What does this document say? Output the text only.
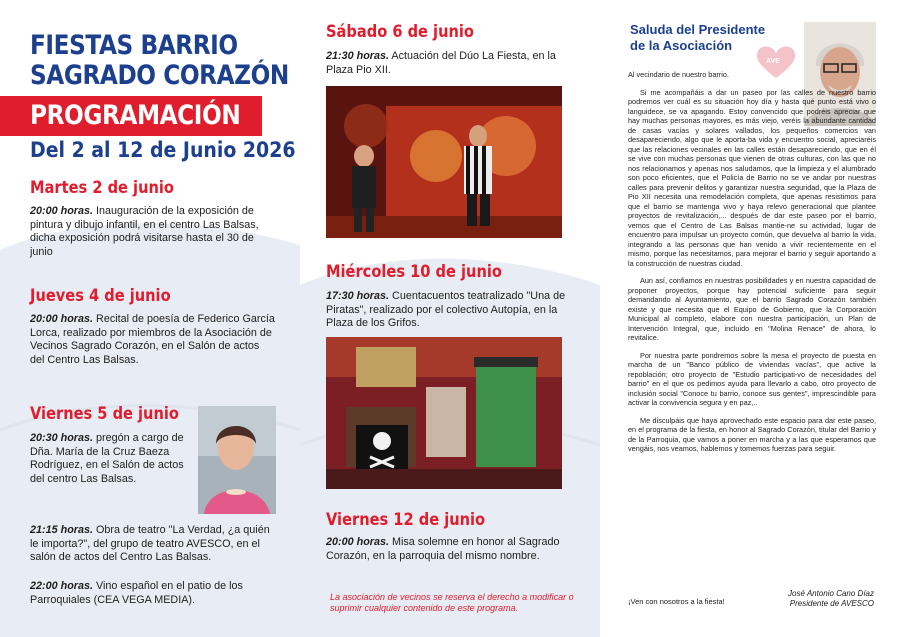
FIESTAS BARRIO
SAGRADO CORAZÓN
PROGRAMACIÓN
Del 2 al 12 de Junio 2026
Martes 2 de junio
20:00 horas. Inauguración de la exposición de pintura y dibujo infantil, en el centro Las Balsas, dicha exposición podrá visitarse hasta el 30 de junio
Jueves 4 de junio
20:00 horas. Recital de poesía de Federico García Lorca, realizado por miembros de la Asociación de Vecinos Sagrado Corazón, en el Salón de actos del Centro Las Balsas.
Viernes 5 de junio
20:30 horas. pregón a cargo de Dña. María de la Cruz Baeza Rodríguez, en el Salón de actos del centro Las Balsas.
21:15 horas. Obra de teatro "La Verdad, ¿a quién le importa?", del grupo de teatro AVESCO, en el salón de actos del Centro Las Balsas.
22:00 horas. Vino español en el patio de los Parroquiales (CEA VEGA MEDIA).
Sábado 6 de junio
21:30 horas. Actuación del Dúo La Fiesta, en la Plaza Pio XII.
Miércoles 10 de junio
17:30 horas. Cuentacuentos teatralizado "Una de Piratas", realizado por el colectivo Autopía, en la Plaza de los Grifos.
Viernes 12 de junio
20:00 horas. Misa solemne en honor al Sagrado Corazón, en la parroquia del mismo nombre.
La asociación de vecinos se reserva el derecho a modificar o suprimir cualquier contenido de este programa.
Saluda del Presidente
de la Asociación
AVE

Al vecindario de nuestro barrio.

Si me acompañáis a dar un paseo por las calles de nuestro barrio podremos ver cuál es su situación hoy día y hasta qué punto está vivo o languidece, se va apagando. Estoy convencido que podréis apreciar que hay muchas personas mayores, es más viejo, veréis la abundante cantidad de casas vacías y solares vallados, los pequeños comercios van desapareciendo, algo que le aporta-ba vida y encuentro social, apreciaréis que las relaciones vecinales en las calles están desapareciendo, que en él se vive con muchas personas que vienen de otras culturas, con las que no nos relacionamos y apenas nos saludamos, que la limpieza y el alumbrado son poco eficientes, que el Policía de Barrio no se ve andar por nuestras calles para prevenir delitos y garantizar nuestra seguridad, que la Plaza de Pio XII necesita una remodelación completa, que apenas resistimos para que el barrio se mantenga vivo y haya relevo generacional que plantee proyectos de revitalización,... después de dar este paseo por el barrio, vemos que el Centro de Las Balsas mantie-ne su actividad, lugar de encuentro para impulsar un proyecto común, que devuelva al barrio la vida, integrando a las personas que han venido a vivir recientemente en el mismo, porque las necesitamos, para mejorar el barrio y seguir aportando a la construcción de nuestras ciudad.

Aun así, confiamos en nuestras posibilidades y en nuestra capacidad de proponer proyectos, porque hay potencial suficiente para seguir demandando al Ayuntamiento, que el barrio Sagrado Corazón también existe y que necesita que el Equipo de Gobierno, que la Corporación Municipal al completo, elabore con nuestra participación, un Plan de Intervención Integral, que, incluido en "Molina Renace" de ahora, lo revitalice.

Por nuestra parte pondremos sobre la mesa el proyecto de puesta en marcha de un "Banco público de viviendas vacías", que active la repoblación; otro proyecto de "Estudio participati-vo de necesidades del barrio" en el que os pedimos ayuda para llevarlo a cabo, otro proyecto de inclusión social "Conoce tu barrio, conoce sus gentes", imprescindible para activar la convivencia segura y en paz,..

Me disculpáis que haya aprovechado este espacio para dar este paseo, en el programa de la fiesta, en honor al Sagrado Corazón, titular del Barrio y de la Parroquia, que vamos a poner en marcha y a las que esperamos que vengáis, nos veamos, hablemos y tomemos fuerzas para seguir.

¡Ven con nosotros a la fiesta!
José Antonio Cano Díaz
Presidente de AVESCO
